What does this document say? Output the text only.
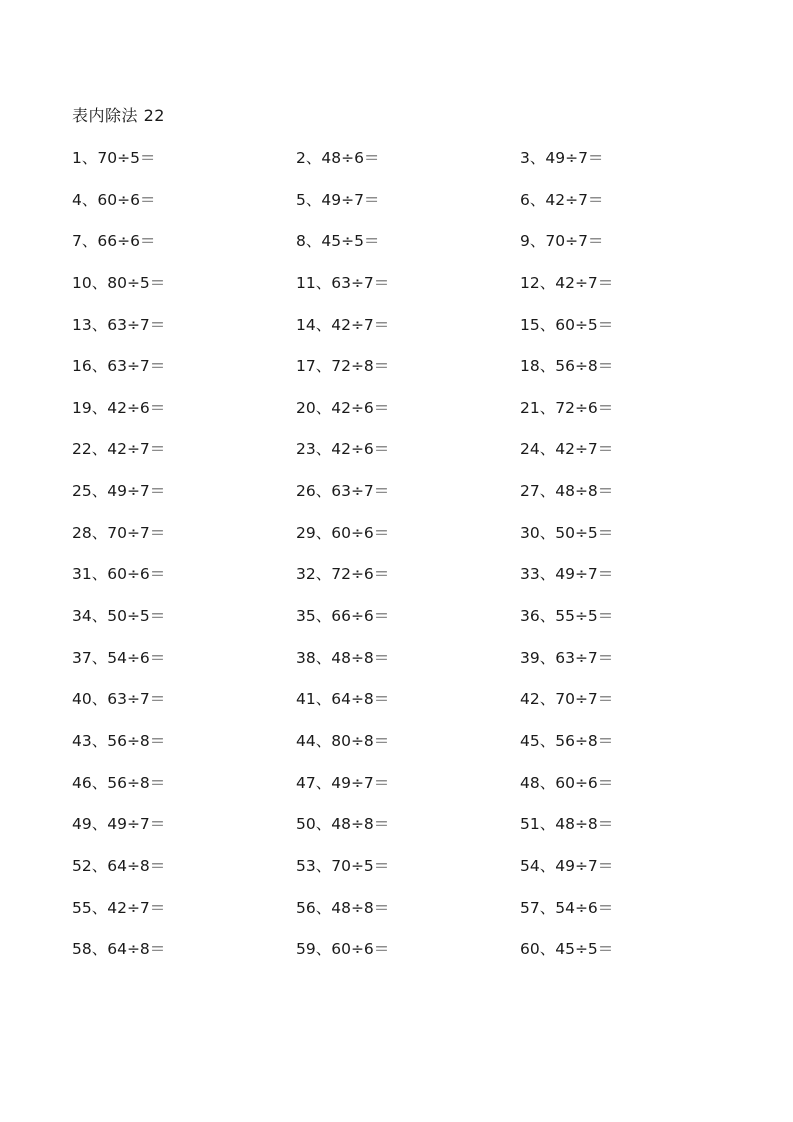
表内除法 22
1、70÷5＝	2、48÷6＝	3、49÷7＝
4、60÷6＝	5、49÷7＝	6、42÷7＝
7、66÷6＝	8、45÷5＝	9、70÷7＝
10、80÷5＝	11、63÷7＝	12、42÷7＝
13、63÷7＝	14、42÷7＝	15、60÷5＝
16、63÷7＝	17、72÷8＝	18、56÷8＝
19、42÷6＝	20、42÷6＝	21、72÷6＝
22、42÷7＝	23、42÷6＝	24、42÷7＝
25、49÷7＝	26、63÷7＝	27、48÷8＝
28、70÷7＝	29、60÷6＝	30、50÷5＝
31、60÷6＝	32、72÷6＝	33、49÷7＝
34、50÷5＝	35、66÷6＝	36、55÷5＝
37、54÷6＝	38、48÷8＝	39、63÷7＝
40、63÷7＝	41、64÷8＝	42、70÷7＝
43、56÷8＝	44、80÷8＝	45、56÷8＝
46、56÷8＝	47、49÷7＝	48、60÷6＝
49、49÷7＝	50、48÷8＝	51、48÷8＝
52、64÷8＝	53、70÷5＝	54、49÷7＝
55、42÷7＝	56、48÷8＝	57、54÷6＝
58、64÷8＝	59、60÷6＝	60、45÷5＝
